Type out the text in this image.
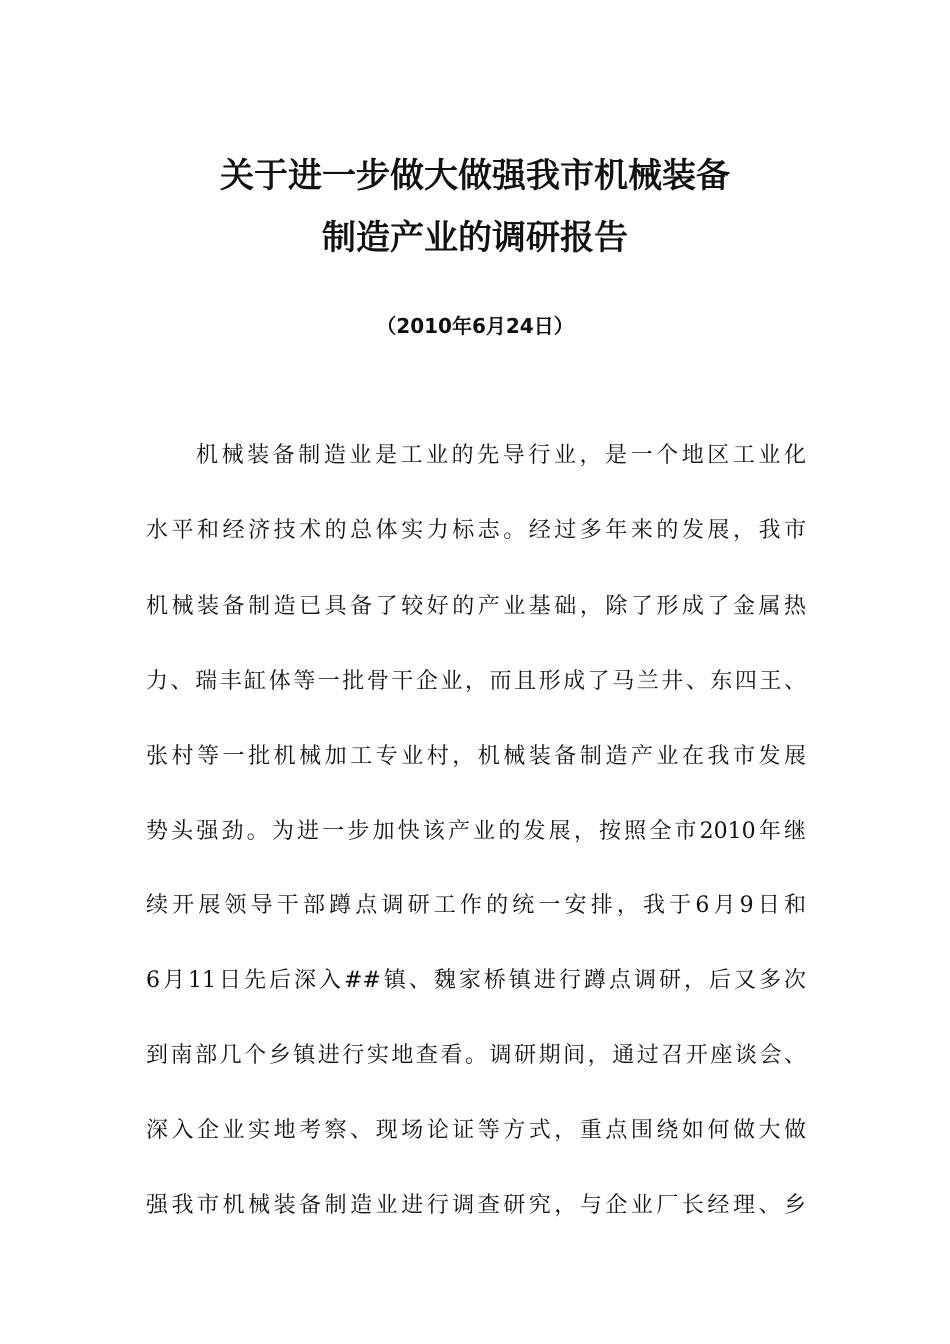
关于进一步做大做强我市机械装备
制造产业的调研报告
（2010年6月24日）
机械装备制造业是工业的先导行业，是一个地区工业化
水平和经济技术的总体实力标志。经过多年来的发展，我市
机械装备制造已具备了较好的产业基础，除了形成了金属热
力、瑞丰缸体等一批骨干企业，而且形成了马兰井、东四王、
张村等一批机械加工专业村，机械装备制造产业在我市发展
势头强劲。为进一步加快该产业的发展，按照全市2010年继
续开展领导干部蹲点调研工作的统一安排，我于6月9日和
6月11日先后深入##镇、魏家桥镇进行蹲点调研，后又多次
到南部几个乡镇进行实地查看。调研期间，通过召开座谈会、
深入企业实地考察、现场论证等方式，重点围绕如何做大做
强我市机械装备制造业进行调查研究，与企业厂长经理、乡
